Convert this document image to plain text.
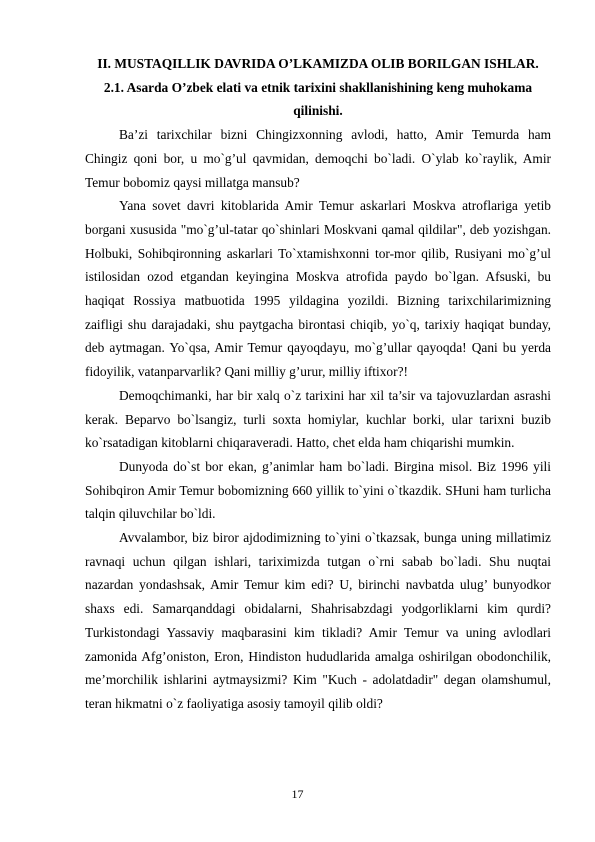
II. MUSTAQILLIK DAVRIDA O’LKAMIZDA OLIB BORILGAN ISHLAR.

2.1. Asarda O’zbek elati va etnik tarixini shakllanishining keng muhokama qilinishi.

Ba’zi tarixchilar bizni Chingizxonning avlodi, hatto, Amir Temurda ham Chingiz qoni bor, u mo`g’ul qavmidan, demoqchi bo`ladi. O`ylab ko`raylik, Amir Temur bobomiz qaysi millatga mansub?

Yana sovet davri kitoblarida Amir Temur askarlari Moskva atroflariga yetib borgani xususida "mo`g’ul-tatar qo`shinlari Moskvani qamal qildilar", deb yozishgan. Holbuki, Sohibqironning askarlari To`xtamishxonni tor-mor qilib, Rusiyani mo`g’ul istilosidan ozod etgandan keyingina Moskva atrofida paydo bo`lgan. Afsuski, bu haqiqat Rossiya matbuotida 1995 yildagina yozildi. Bizning tarixchilarimizning zaifligi shu darajadaki, shu paytgacha birontasi chiqib, yo`q, tarixiy haqiqat bunday, deb aytmagan. Yo`qsa, Amir Temur qayoqdayu, mo`g’ullar qayoqda! Qani bu yerda fidoyilik, vatanparvarlik? Qani milliy g’urur, milliy iftixor?!

Demoqchimanki, har bir xalq o`z tarixini har xil ta’sir va tajovuzlardan asrashi kerak. Beparvo bo`lsangiz, turli soxta homiylar, kuchlar borki, ular tarixni buzib ko`rsatadigan kitoblarni chiqaraveradi. Hatto, chet elda ham chiqarishi mumkin.

Dunyoda do`st bor ekan, g’animlar ham bo`ladi. Birgina misol. Biz 1996 yili Sohibqiron Amir Temur bobomizning 660 yillik to`yini o`tkazdik. SHuni ham turlicha talqin qiluvchilar bo`ldi.

Avvalambor, biz biror ajdodimizning to`yini o`tkazsak, bunga uning millatimiz ravnaqi uchun qilgan ishlari, tariximizda tutgan o`rni sabab bo`ladi. Shu nuqtai nazardan yondashsak, Amir Temur kim edi? U, birinchi navbatda ulug’ bunyodkor shaxs edi. Samarqanddagi obidalarni, Shahrisabzdagi yodgorliklarni kim qurdi? Turkistondagi Yassaviy maqbarasini kim tikladi? Amir Temur va uning avlodlari zamonida Afg’oniston, Eron, Hindiston hududlarida amalga oshirilgan obodonchilik, me’morchilik ishlarini aytmaysizmi? Kim "Kuch - adolatdadir" degan olamshumul, teran hikmatni o`z faoliyatiga asosiy tamoyil qilib oldi?

17
